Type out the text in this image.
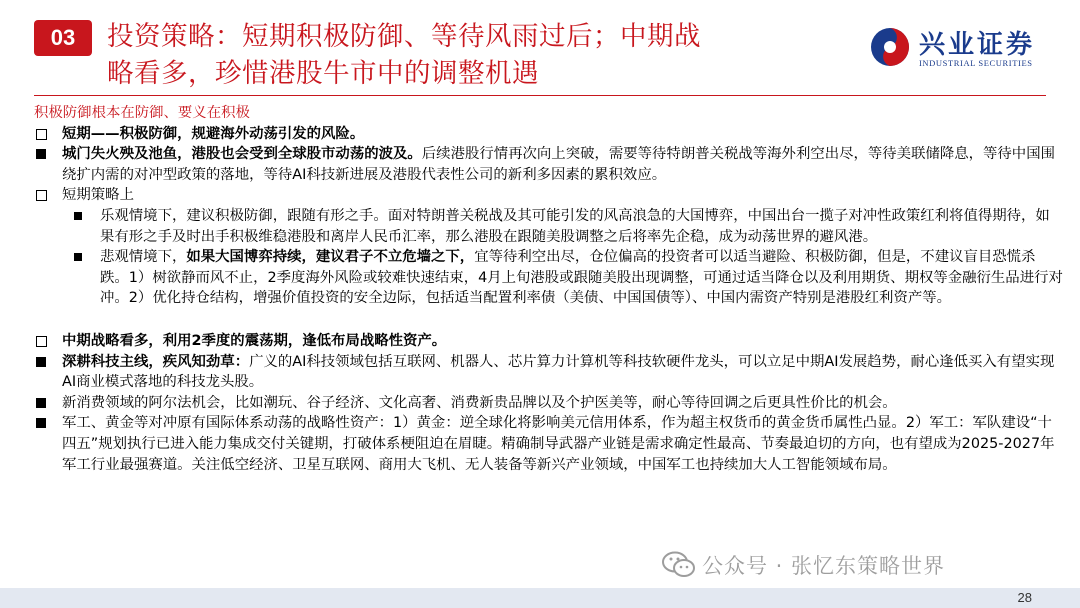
03	投资策略：短期积极防御、等待风雨过后；中期战
略看多，珍惜港股牛市中的调整机遇
兴业证券
INDUSTRIAL SECURITIES
积极防御根本在防御、要义在积极
短期——积极防御，规避海外动荡引发的风险。
城门失火殃及池鱼，港股也会受到全球股市动荡的波及。后续港股行情再次向上突破，需要等待特朗普关税战等海外利空出尽，等待美联储降息，等待中国围绕扩内需的对冲型政策的落地，等待AI科技新进展及港股代表性公司的新利多因素的累积效应。
短期策略上
乐观情境下，建议积极防御，跟随有形之手。面对特朗普关税战及其可能引发的风高浪急的大国博弈，中国出台一揽子对冲性政策红利将值得期待，如果有形之手及时出手积极维稳港股和离岸人民币汇率，那么港股在跟随美股调整之后将率先企稳，成为动荡世界的避风港。
悲观情境下，如果大国博弈持续，建议君子不立危墙之下，宜等待利空出尽，仓位偏高的投资者可以适当避险、积极防御，但是，不建议盲目恐慌杀跌。1）树欲静而风不止，2季度海外风险或较难快速结束，4月上旬港股或跟随美股出现调整，可通过适当降仓以及利用期货、期权等金融衍生品进行对冲。2）优化持仓结构，增强价值投资的安全边际，包括适当配置利率债（美债、中国国债等）、中国内需资产特别是港股红利资产等。
中期战略看多，利用2季度的震荡期，逢低布局战略性资产。
深耕科技主线，疾风知劲草：广义的AI科技领域包括互联网、机器人、芯片算力计算机等科技软硬件龙头，可以立足中期AI发展趋势，耐心逢低买入有望实现AI商业模式落地的科技龙头股。
新消费领域的阿尔法机会，比如潮玩、谷子经济、文化高奢、消费新贵品牌以及个护医美等，耐心等待回调之后更具性价比的机会。
军工、黄金等对冲原有国际体系动荡的战略性资产：1）黄金：逆全球化将影响美元信用体系，作为超主权货币的黄金货币属性凸显。2）军工：军队建设“十四五”规划执行已进入能力集成交付关键期，打破体系梗阻迫在眉睫。精确制导武器产业链是需求确定性最高、节奏最迫切的方向，也有望成为2025-2027年军工行业最强赛道。关注低空经济、卫星互联网、商用大飞机、无人装备等新兴产业领域，中国军工也持续加大人工智能领域布局。
公众号 · 张忆东策略世界
28
